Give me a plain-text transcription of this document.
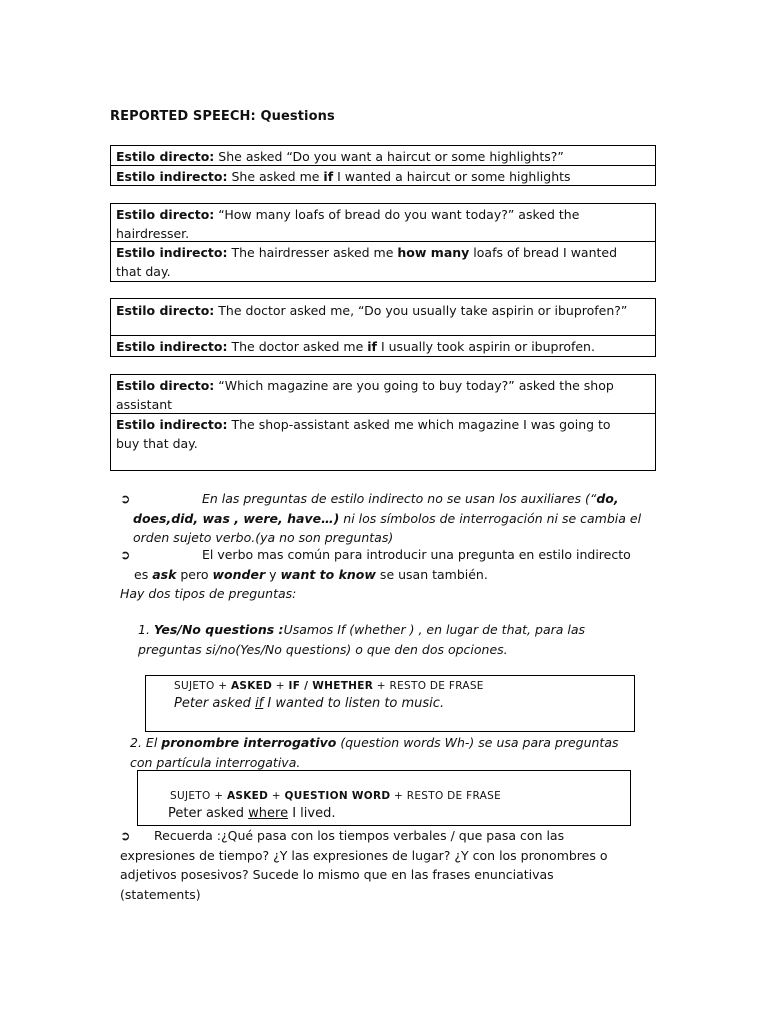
REPORTED SPEECH: Questions
Estilo directo: She asked “Do you want a haircut or some highlights?”
Estilo indirecto: She asked me if I wanted a haircut or some highlights
Estilo directo: “How many loafs of bread do you want today?” asked the
hairdresser.
Estilo indirecto: The hairdresser asked me how many loafs of bread I wanted
that day.
Estilo directo: The doctor asked me, “Do you usually take aspirin or ibuprofen?”
Estilo indirecto: The doctor asked me if I usually took aspirin or ibuprofen.
Estilo directo: “Which magazine are you going to buy today?” asked the shop
assistant
Estilo indirecto: The shop-assistant asked me which magazine I was going to
buy that day.
➲	En las preguntas de estilo indirecto no se usan los auxiliares (“do,
does,did, was , were, have…) ni los símbolos de interrogación ni se cambia el
orden sujeto verbo.(ya no son preguntas)
➲	El verbo mas común para introducir una pregunta en estilo indirecto
es ask pero wonder y want to know se usan también.
Hay dos tipos de preguntas:
1. Yes/No questions :Usamos If (whether ) , en lugar de that, para las
preguntas si/no(Yes/No questions) o que den dos opciones.
SUJETO + ASKED + IF / WHETHER + RESTO DE FRASE
Peter asked if I wanted to listen to music.
2. El pronombre interrogativo (question words Wh-) se usa para preguntas
con partícula interrogativa.
SUJETO + ASKED + QUESTION WORD + RESTO DE FRASE
Peter asked where I lived.
➲ Recuerda :¿Qué pasa con los tiempos verbales / que pasa con las
expresiones de tiempo? ¿Y las expresiones de lugar? ¿Y con los pronombres o
adjetivos posesivos? Sucede lo mismo que en las frases enunciativas
(statements)
